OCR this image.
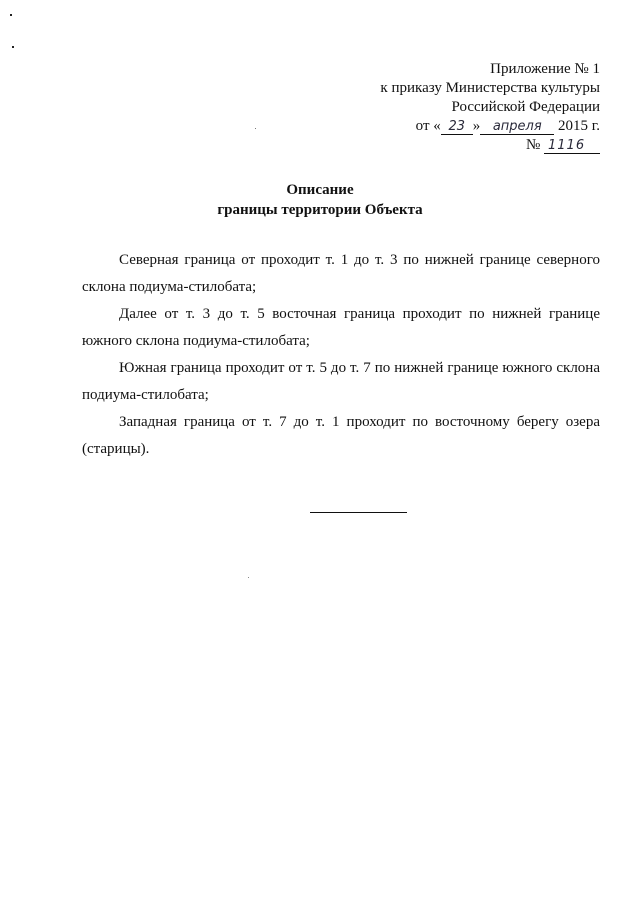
Приложение № 1
к приказу Министерства культуры
Российской Федерации
от « 23 » апреля 2015 г.
№ 1116
Описание
границы территории Объекта

Северная граница от проходит т. 1 до т. 3 по нижней границе северного склона подиума-стилобата;

Далее от т. 3 до т. 5 восточная граница проходит по нижней границе южного склона подиума-стилобата;

Южная граница проходит от т. 5 до т. 7 по нижней границе южного склона подиума-стилобата;

Западная граница от т. 7 до т. 1 проходит по восточному берегу озера (старицы).
